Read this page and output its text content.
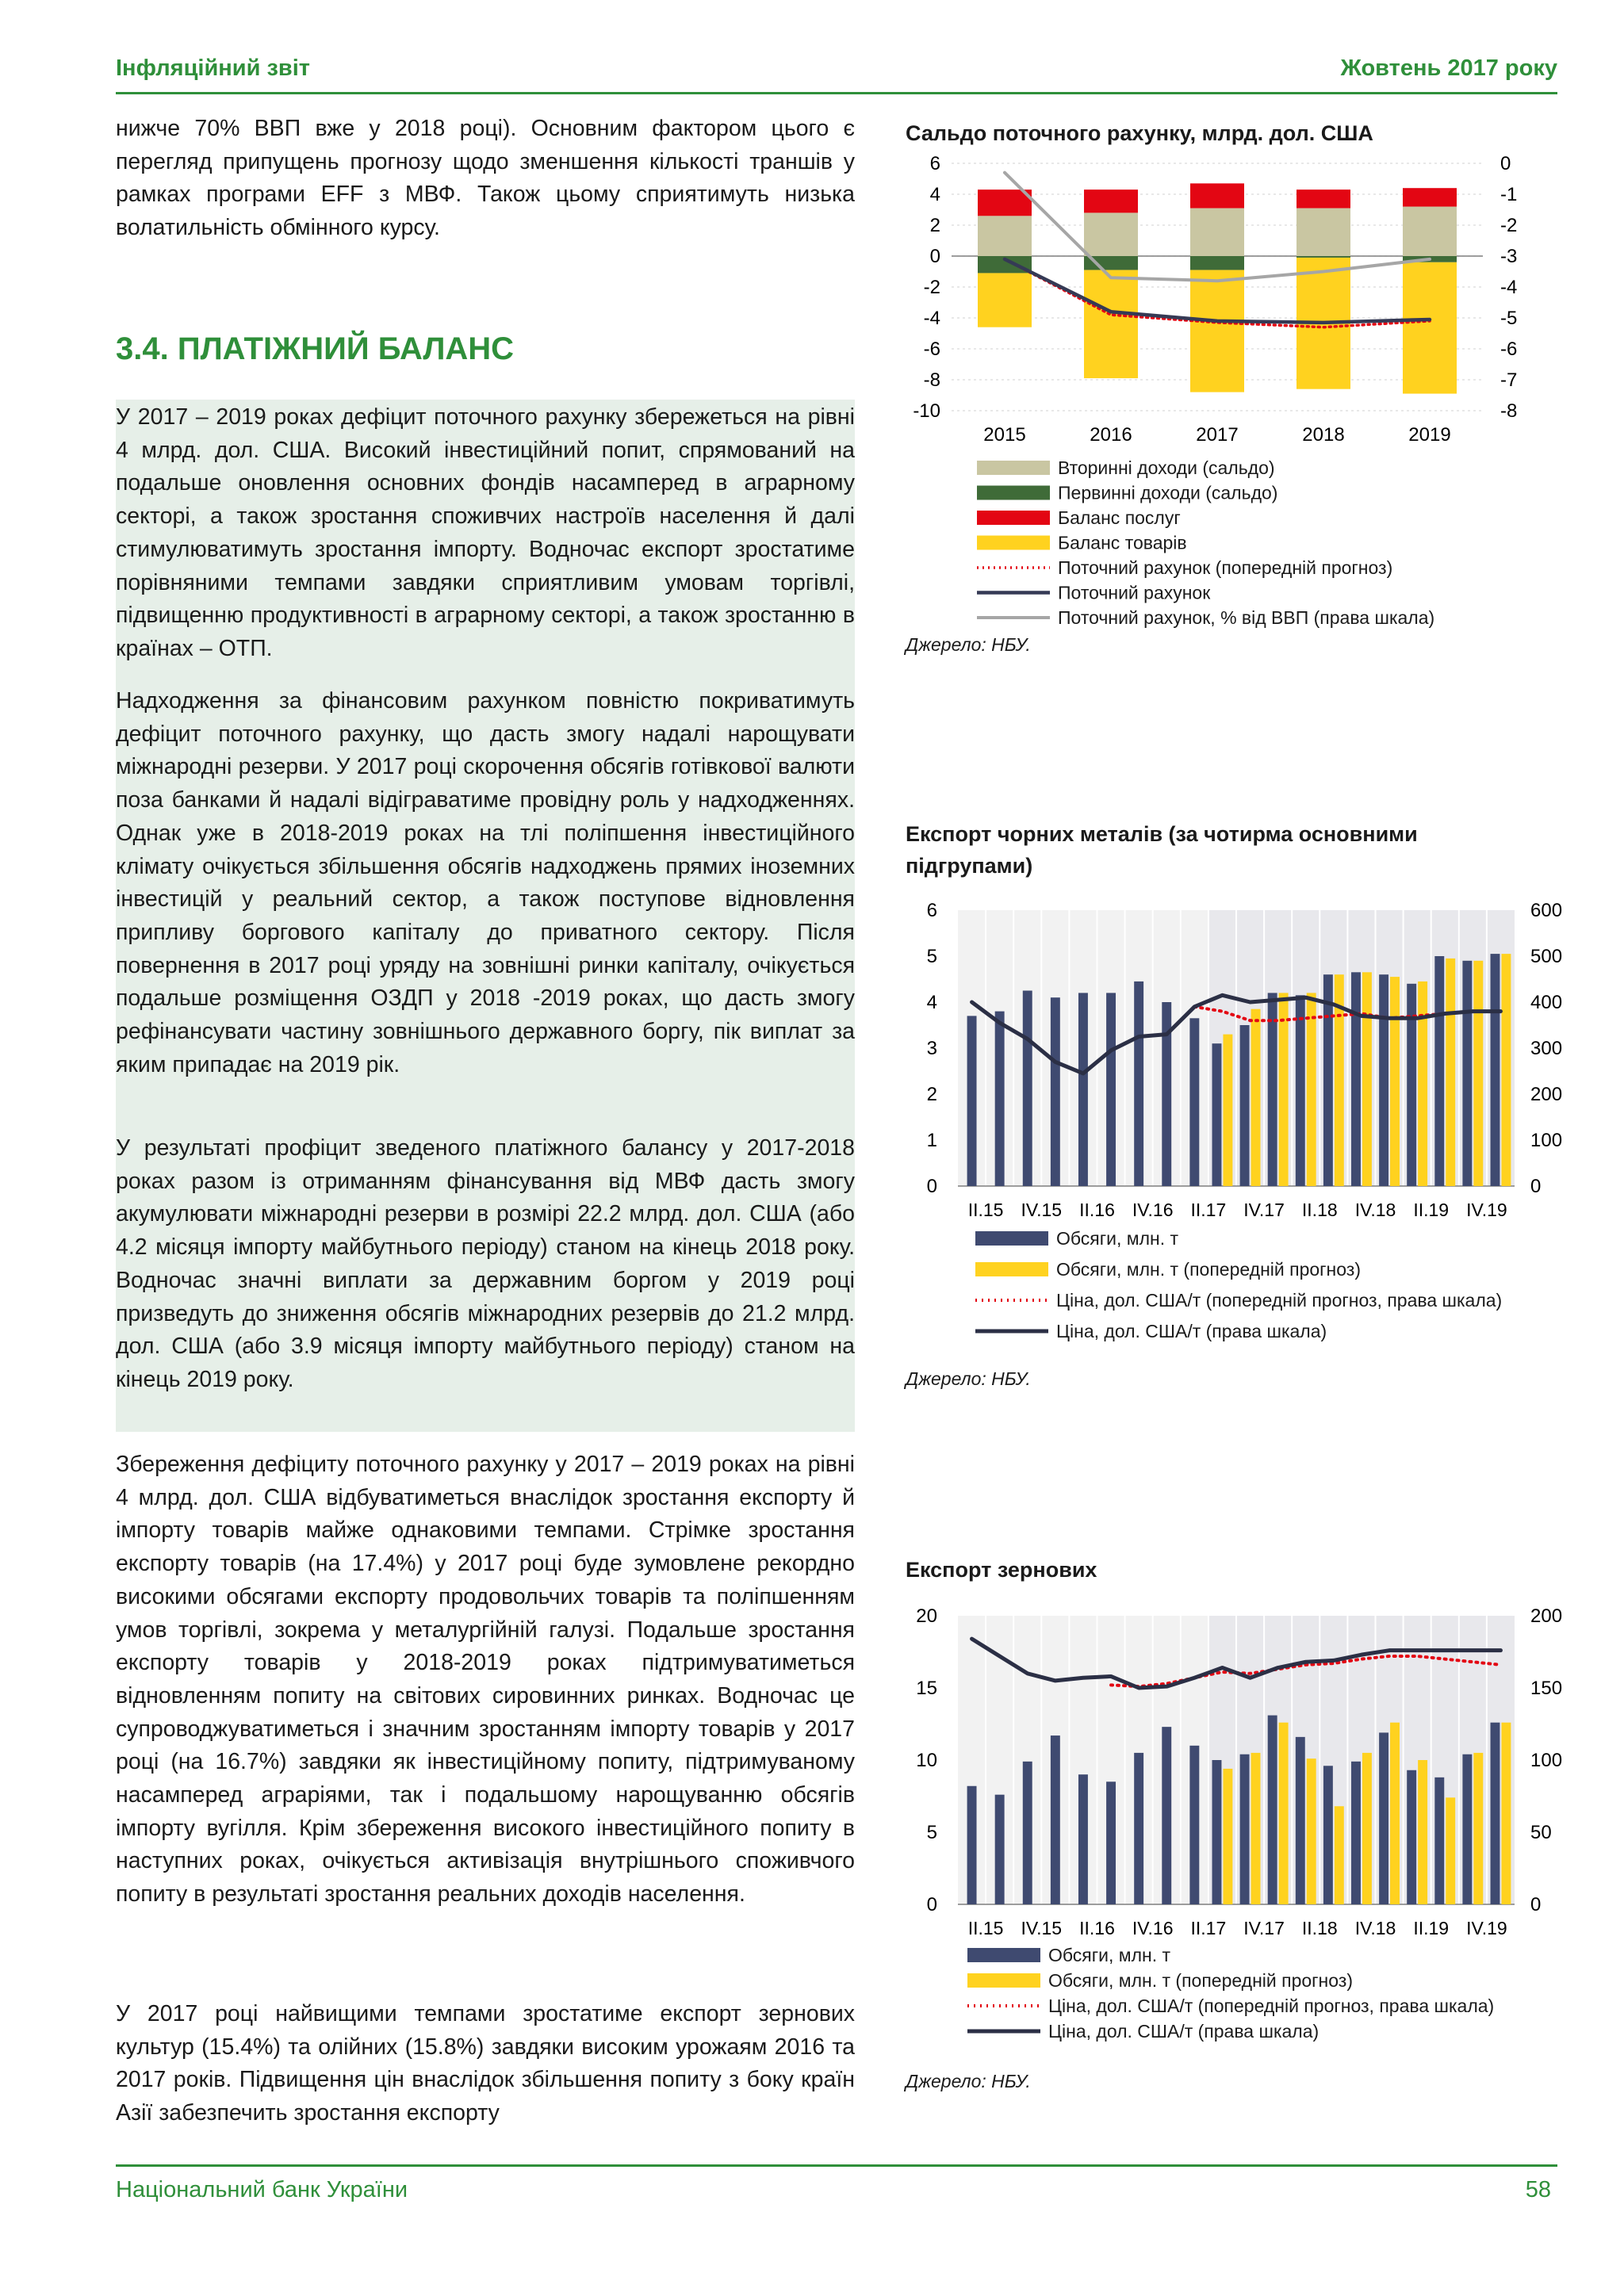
Інфляційний звіт	Жовтень 2017 року

нижче 70% ВВП вже у 2018 році). Основним фактором цього є перегляд припущень прогнозу щодо зменшення кількості траншів у рамках програми EFF з МВФ. Також цьому сприятимуть низька волатильність обмінного курсу.

3.4. ПЛАТІЖНИЙ БАЛАНС

У 2017 – 2019 роках дефіцит поточного рахунку збережеться на рівні 4 млрд. дол. США. Високий інвестиційний попит, спрямований на подальше оновлення основних фондів насамперед в аграрному секторі, а також зростання споживчих настроїв населення й далі стимулюватимуть зростання імпорту. Водночас експорт зростатиме порівняними темпами завдяки сприятливим умовам торгівлі, підвищенню продуктивності в аграрному секторі, а також зростанню в країнах – ОТП.

Надходження за фінансовим рахунком повністю покриватимуть дефіцит поточного рахунку, що дасть змогу надалі нарощувати міжнародні резерви. У 2017 році скорочення обсягів готівкової валюти поза банками й надалі відіграватиме провідну роль у надходженнях. Однак уже в 2018-2019 роках на тлі поліпшення інвестиційного клімату очікується збільшення обсягів надходжень прямих іноземних інвестицій у реальний сектор, а також поступове відновлення припливу боргового капіталу до приватного сектору. Після повернення в 2017 році уряду на зовнішні ринки капіталу, очікується подальше розміщення ОЗДП у 2018 -2019 роках, що дасть змогу рефінансувати частину зовнішнього державного боргу, пік виплат за яким припадає на 2019 рік.

У результаті профіцит зведеного платіжного балансу у 2017-2018 роках разом із отриманням фінансування від МВФ дасть змогу акумулювати міжнародні резерви в розмірі 22.2 млрд. дол. США (або 4.2 місяця імпорту майбутнього періоду) станом на кінець 2018 року. Водночас значні виплати за державним боргом у 2019 році призведуть до зниження обсягів міжнародних резервів до 21.2 млрд. дол. США (або 3.9 місяця імпорту майбутнього періоду) станом на кінець 2019 року.

Збереження дефіциту поточного рахунку у 2017 – 2019 роках на рівні 4 млрд. дол. США відбуватиметься внаслідок зростання експорту й імпорту товарів майже однаковими темпами. Стрімке зростання експорту товарів (на 17.4%) у 2017 році буде зумовлене рекордно високими обсягами експорту продовольчих товарів та поліпшенням умов торгівлі, зокрема у металургійній галузі. Подальше зростання експорту товарів у 2018-2019 роках підтримуватиметься відновленням попиту на світових сировинних ринках. Водночас це супроводжуватиметься і значним зростанням імпорту товарів у 2017 році (на 16.7%) завдяки як інвестиційному попиту, підтримуваному насамперед аграріями, так і подальшому нарощуванню обсягів імпорту вугілля. Крім збереження високого інвестиційного попиту в наступних роках, очікується активізація внутрішнього споживчого попиту в результаті зростання реальних доходів населення.

У 2017 році найвищими темпами зростатиме експорт зернових культур (15.4%) та олійних (15.8%) завдяки високим урожаям 2016 та 2017 років. Підвищення цін внаслідок збільшення попиту з боку країн Азії забезпечить зростання експорту

Сальдо поточного рахунку, млрд. дол. США
6
4
2
0
-2
-4
-6
-8
-10
0
-1
-2
-3
-4
-5
-6
-7
-8
2015	2016	2017	2018	2019
Вторинні доходи (сальдо)
Первинні доходи (сальдо)
Баланс послуг
Баланс товарів
Поточний рахунок (попередній прогноз)
Поточний рахунок
Поточний рахунок, % від ВВП (права шкала)
Джерело: НБУ.
Експорт чорних металів (за чотирма основними підгрупами)
6
5
4
3
2
1
0
600
500
400
300
200
100
0
II.15 IV.15 II.16 IV.16 II.17 IV.17 II.18 IV.18 II.19 IV.19
Обсяги, млн. т
Обсяги, млн. т (попередній прогноз)
Ціна, дол. США/т (попередній прогноз, права шкала)
Ціна, дол. США/т (права шкала)
Джерело: НБУ.
Експорт зернових
20
15
10
5
0
200
150
100
50
0
II.15 IV.15 II.16 IV.16 II.17 IV.17 II.18 IV.18 II.19 IV.19
Обсяги, млн. т
Обсяги, млн. т (попередній прогноз)
Ціна, дол. США/т (попередній прогноз, права шкала)
Ціна, дол. США/т (права шкала)
Джерело: НБУ.
Національний банк України	58
